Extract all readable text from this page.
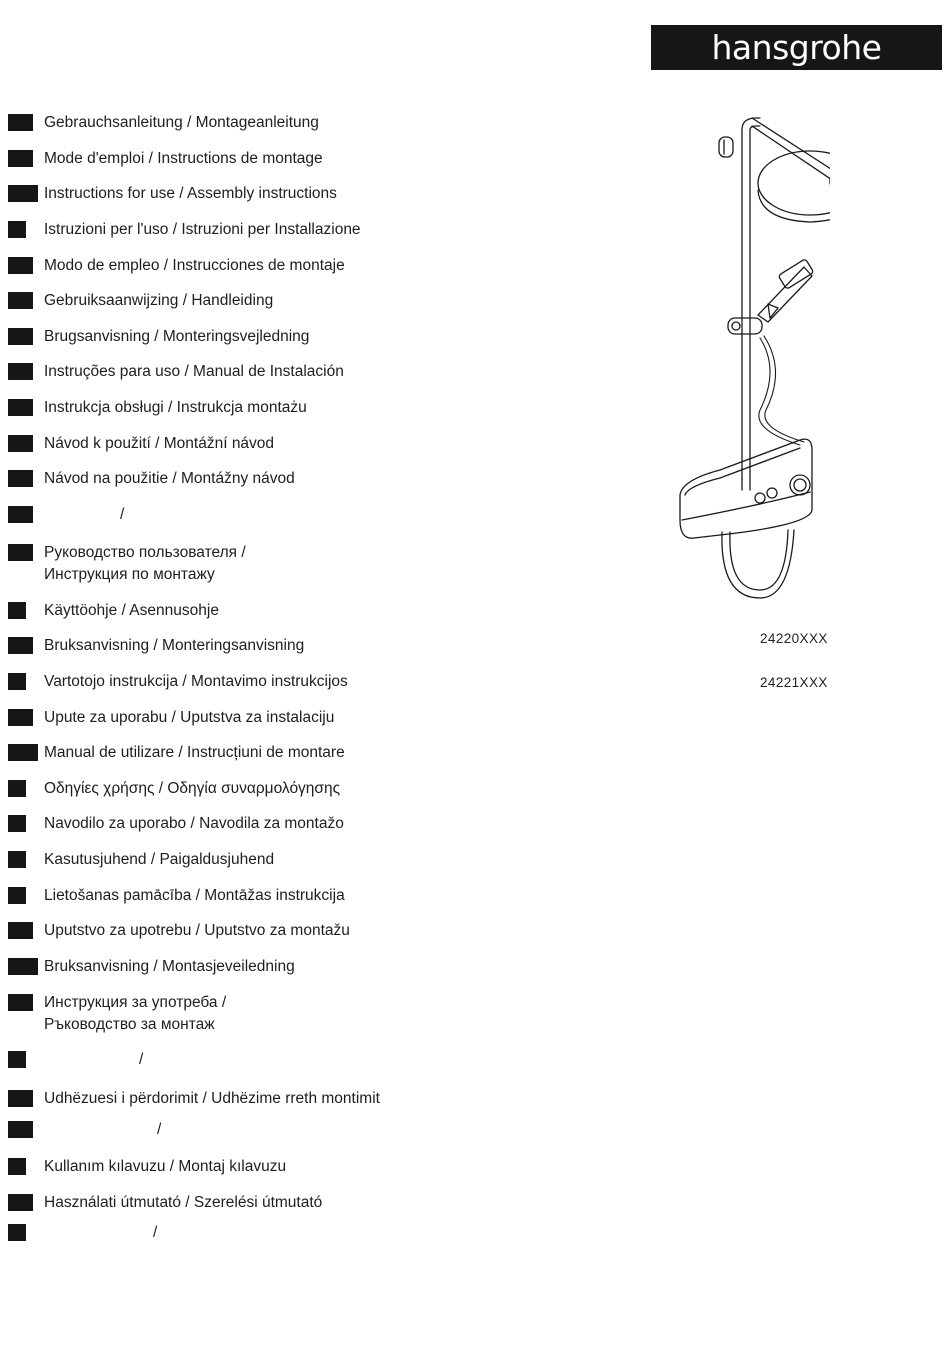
hansgrohe
Gebrauchsanleitung / Montageanleitung
Mode d'emploi / Instructions de montage
Instructions for use / Assembly instructions
Istruzioni per l'uso / Istruzioni per Installazione
Modo de empleo / Instrucciones de montaje
Gebruiksaanwijzing / Handleiding
Brugsanvisning / Monteringsvejledning
Instruções para uso / Manual de Instalación
Instrukcja obsługi / Instrukcja montażu
Návod k použití / Montážní návod
Návod na použitie / Montážny návod
/
Руководство пользователя /
Инструкция по монтажу
Käyttöohje / Asennusohje
Bruksanvisning / Monteringsanvisning
Vartotojo instrukcija / Montavimo instrukcijos
Upute za uporabu / Uputstva za instalaciju
Manual de utilizare / Instrucțiuni de montare
Οδηγίες χρήσης / Οδηγία συναρμολόγησης
Navodilo za uporabo / Navodila za montažo
Kasutusjuhend / Paigaldusjuhend
Lietošanas pamācība / Montāžas instrukcija
Uputstvo za upotrebu / Uputstvo za montažu
Bruksanvisning / Montasjeveiledning
Инструкция за употреба /
Ръководство за монтаж
/
Udhëzuesi i përdorimit / Udhëzime rreth montimit
/
Kullanım kılavuzu / Montaj kılavuzu
Használati útmutató / Szerelési útmutató
/
24220XXX
24221XXX
